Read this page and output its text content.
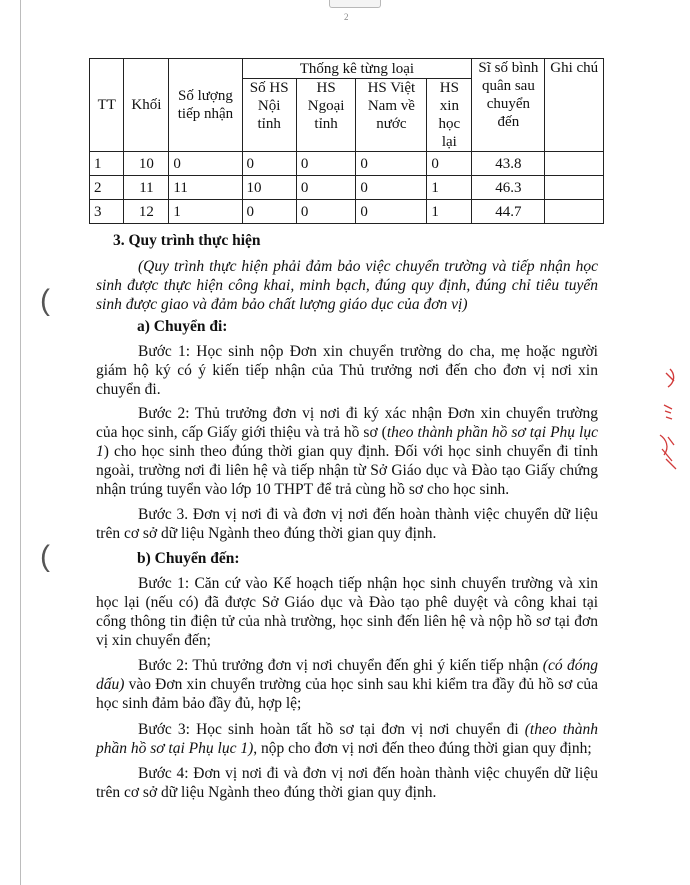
2
(
(
TT	Khối	Số lượng tiếp nhận	Thống kê từng loại				Sĩ số bình quân sau chuyển đến	Ghi chú
			Số HS Nội tỉnh	HS Ngoại tỉnh	HS Việt Nam về nước	HS xin học lại		
1	10	0	0	0	0	0	43.8	
2	11	11	10	0	0	1	46.3	
3	12	1	0	0	0	1	44.7	
3. Quy trình thực hiện
(Quy trình thực hiện phải đảm bảo việc chuyển trường và tiếp nhận học sinh được thực hiện công khai, minh bạch, đúng quy định, đúng chỉ tiêu tuyển sinh được giao và đảm bảo chất lượng giáo dục của đơn vị)
a) Chuyển đi:
Bước 1: Học sinh nộp Đơn xin chuyển trường do cha, mẹ hoặc người giám hộ ký có ý kiến tiếp nhận của Thủ trưởng nơi đến cho đơn vị nơi xin chuyển đi.
Bước 2: Thủ trưởng đơn vị nơi đi ký xác nhận Đơn xin chuyển trường của học sinh, cấp Giấy giới thiệu và trả hồ sơ (theo thành phần hồ sơ tại Phụ lục 1) cho học sinh theo đúng thời gian quy định. Đối với học sinh chuyển đi tỉnh ngoài, trường nơi đi liên hệ và tiếp nhận từ Sở Giáo dục và Đào tạo Giấy chứng nhận trúng tuyển vào lớp 10 THPT để trả cùng hồ sơ cho học sinh.
Bước 3. Đơn vị nơi đi và đơn vị nơi đến hoàn thành việc chuyển dữ liệu trên cơ sở dữ liệu Ngành theo đúng thời gian quy định.
b) Chuyển đến:
Bước 1: Căn cứ vào Kế hoạch tiếp nhận học sinh chuyển trường và xin học lại (nếu có) đã được Sở Giáo dục và Đào tạo phê duyệt và công khai tại cổng thông tin điện tử của nhà trường, học sinh đến liên hệ và nộp hồ sơ tại đơn vị xin chuyển đến;
Bước 2: Thủ trưởng đơn vị nơi chuyển đến ghi ý kiến tiếp nhận (có đóng dấu) vào Đơn xin chuyển trường của học sinh sau khi kiểm tra đầy đủ hồ sơ của học sinh đảm bảo đầy đủ, hợp lệ;
Bước 3: Học sinh hoàn tất hồ sơ tại đơn vị nơi chuyển đi (theo thành phần hồ sơ tại Phụ lục 1), nộp cho đơn vị nơi đến theo đúng thời gian quy định;
Bước 4: Đơn vị nơi đi và đơn vị nơi đến hoàn thành việc chuyển dữ liệu trên cơ sở dữ liệu Ngành theo đúng thời gian quy định.
